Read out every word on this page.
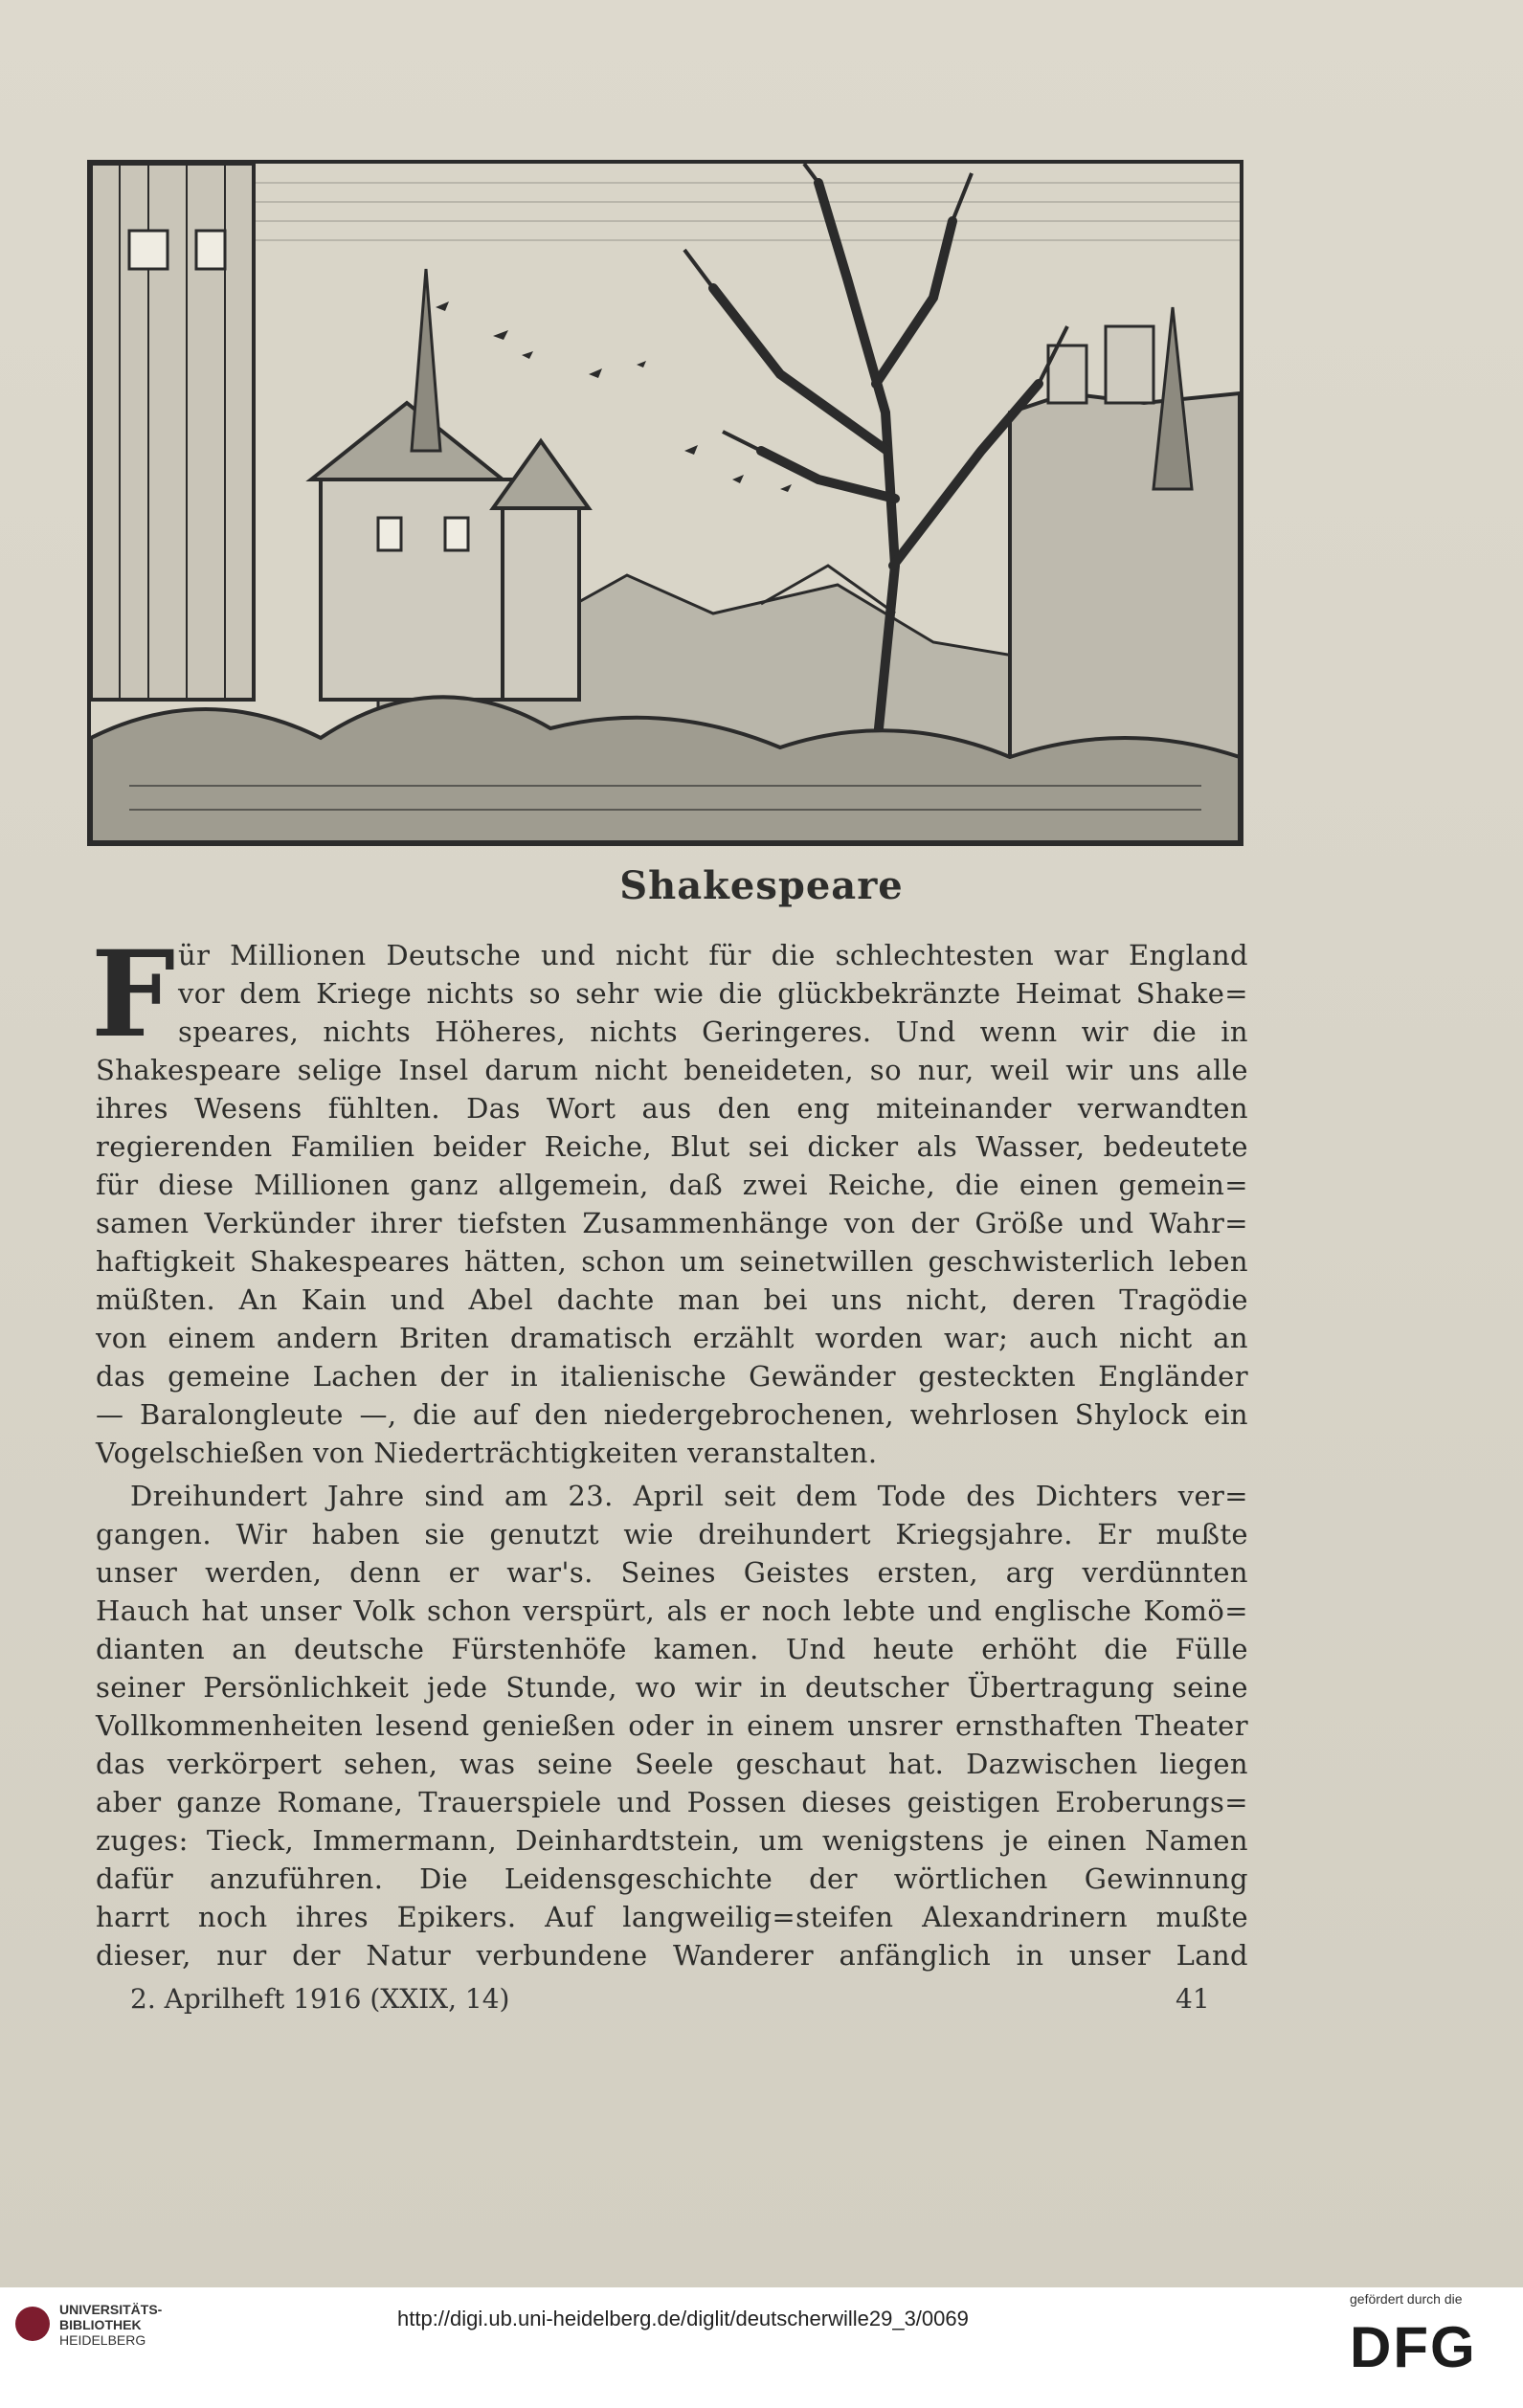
Shakespeare
F ür Millionen Deutsche und nicht für die schlechtesten war England
vor dem Kriege nichts so sehr wie die glückbekränzte Heimat Shake=
speares, nichts Höheres, nichts Geringeres. Und wenn wir die in
Shakespeare selige Insel darum nicht beneideten, so nur, weil wir uns alle
ihres Wesens fühlten. Das Wort aus den eng miteinander verwandten
regierenden Familien beider Reiche, Blut sei dicker als Wasser, bedeutete
für diese Millionen ganz allgemein, daß zwei Reiche, die einen gemein=
samen Verkünder ihrer tiefsten Zusammenhänge von der Größe und Wahr=
haftigkeit Shakespeares hätten, schon um seinetwillen geschwisterlich leben
müßten. An Kain und Abel dachte man bei uns nicht, deren Tragödie
von einem andern Briten dramatisch erzählt worden war; auch nicht an
das gemeine Lachen der in italienische Gewänder gesteckten Engländer
— Baralongleute —, die auf den niedergebrochenen, wehrlosen Shylock ein
Vogelschießen von Niederträchtigkeiten veranstalten.
Dreihundert Jahre sind am 23. April seit dem Tode des Dichters ver=
gangen. Wir haben sie genutzt wie dreihundert Kriegsjahre. Er mußte
unser werden, denn er war's. Seines Geistes ersten, arg verdünnten
Hauch hat unser Volk schon verspürt, als er noch lebte und englische Komö=
dianten an deutsche Fürstenhöfe kamen. Und heute erhöht die Fülle
seiner Persönlichkeit jede Stunde, wo wir in deutscher Übertragung seine
Vollkommenheiten lesend genießen oder in einem unsrer ernsthaften Theater
das verkörpert sehen, was seine Seele geschaut hat. Dazwischen liegen
aber ganze Romane, Trauerspiele und Possen dieses geistigen Eroberungs=
zuges: Tieck, Immermann, Deinhardtstein, um wenigstens je einen Namen
dafür anzuführen. Die Leidensgeschichte der wörtlichen Gewinnung
harrt noch ihres Epikers. Auf langweilig=steifen Alexandrinern mußte
dieser, nur der Natur verbundene Wanderer anfänglich in unser Land
2. Aprilheft 1916 (XXIX, 14)	41
UNIVERSITÄTS-
BIBLIOTHEK
HEIDELBERG
http://digi.ub.uni-heidelberg.de/diglit/deutscherwille29_3/0069
gefördert durch die
DFG
